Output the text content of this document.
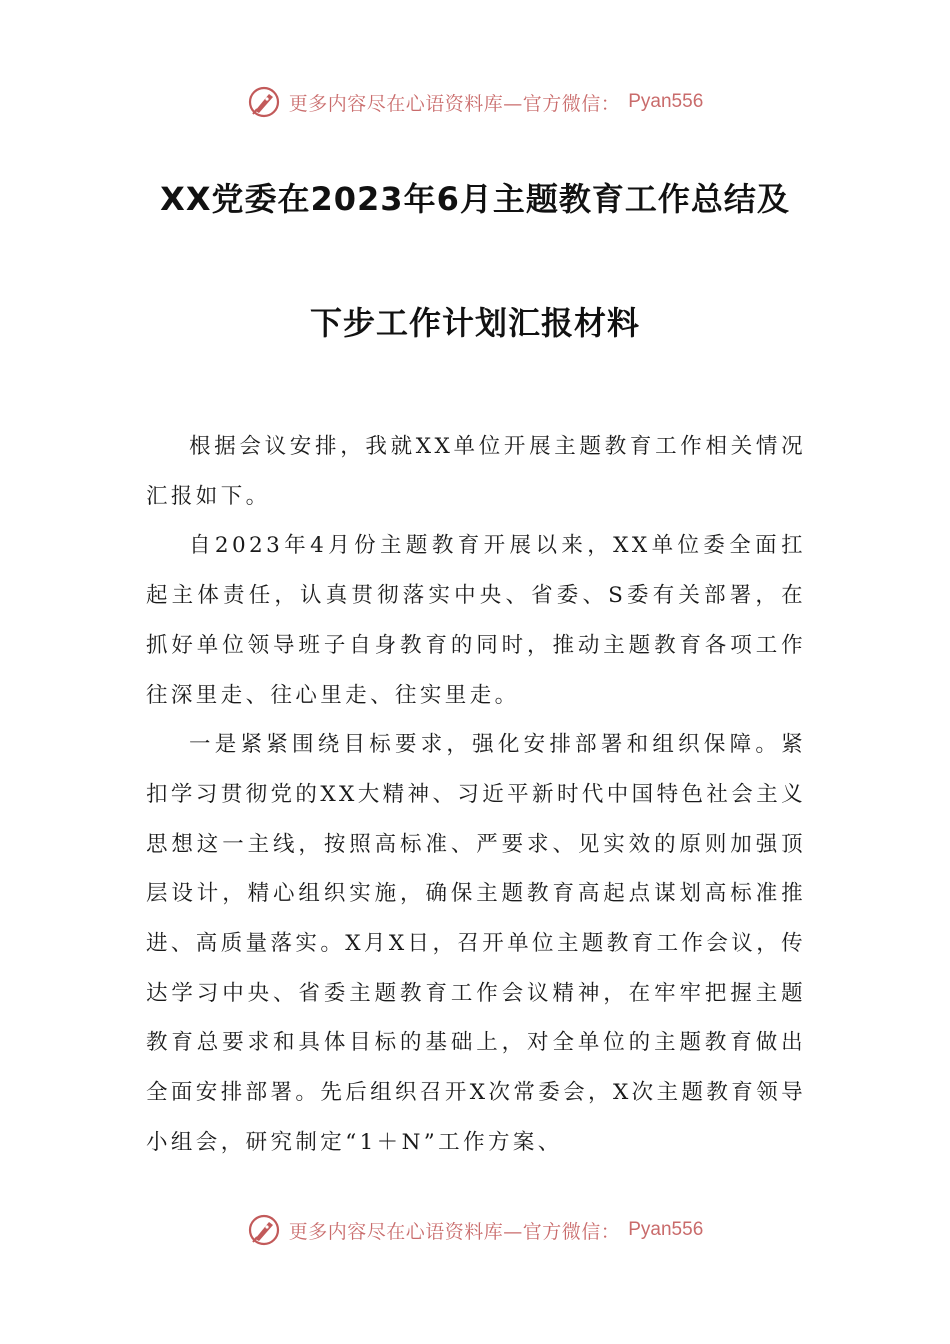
更多内容尽在心语资料库—官方微信： Pyan556
XX党委在2023年6月主题教育工作总结及
下步工作计划汇报材料

根据会议安排，我就XX单位开展主题教育工作相关情况汇报如下。

自2023年4月份主题教育开展以来，XX单位委全面扛起主体责任，认真贯彻落实中央、省委、S委有关部署，在抓好单位领导班子自身教育的同时，推动主题教育各项工作往深里走、往心里走、往实里走。

一是紧紧围绕目标要求，强化安排部署和组织保障。紧扣学习贯彻党的XX大精神、习近平新时代中国特色社会主义思想这一主线，按照高标准、严要求、见实效的原则加强顶层设计，精心组织实施，确保主题教育高起点谋划高标准推进、高质量落实。X月X日，召开单位主题教育工作会议，传达学习中央、省委主题教育工作会议精神，在牢牢把握主题教育总要求和具体目标的基础上，对全单位的主题教育做出全面安排部署。先后组织召开X次常委会，X次主题教育领导小组会，研究制定“1＋N”工作方案、

更多内容尽在心语资料库—官方微信： Pyan556
